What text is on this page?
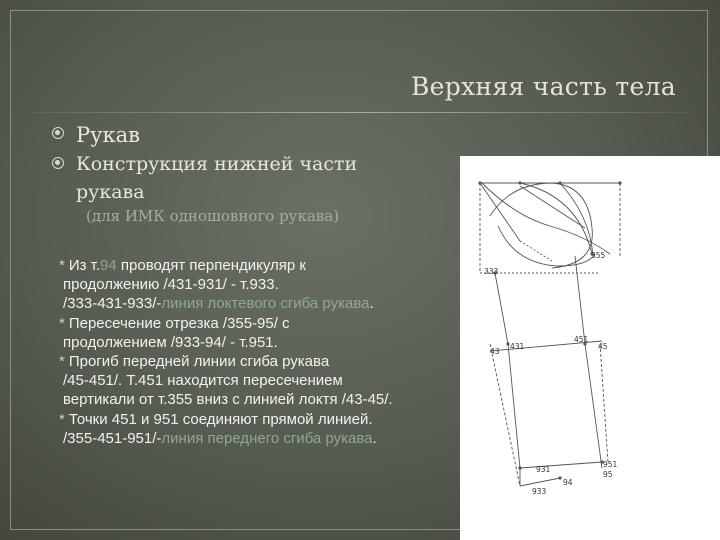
Верхняя часть тела
Рукав
Конструкция нижней части
рукава
(для ИМК одношовного рукава)
* Из т.94 проводят перпендикуляр к
продолжению /431-931/ - т.933.
/333-431-933/-линия локтевого сгиба рукава.
* Пересечение отрезка /355-95/ с
продолжением /933-94/ - т.951.
* Прогиб передней линии сгиба рукава
/45-451/. Т.451 находится пересечением
вертикали от т.355 вниз с линией локтя /43-45/.
* Точки 451 и 951 соединяют прямой линией.
/355-451-951/-линия переднего сгиба рукава.
355
333
451
45
43
431
951
95
931
94
933
